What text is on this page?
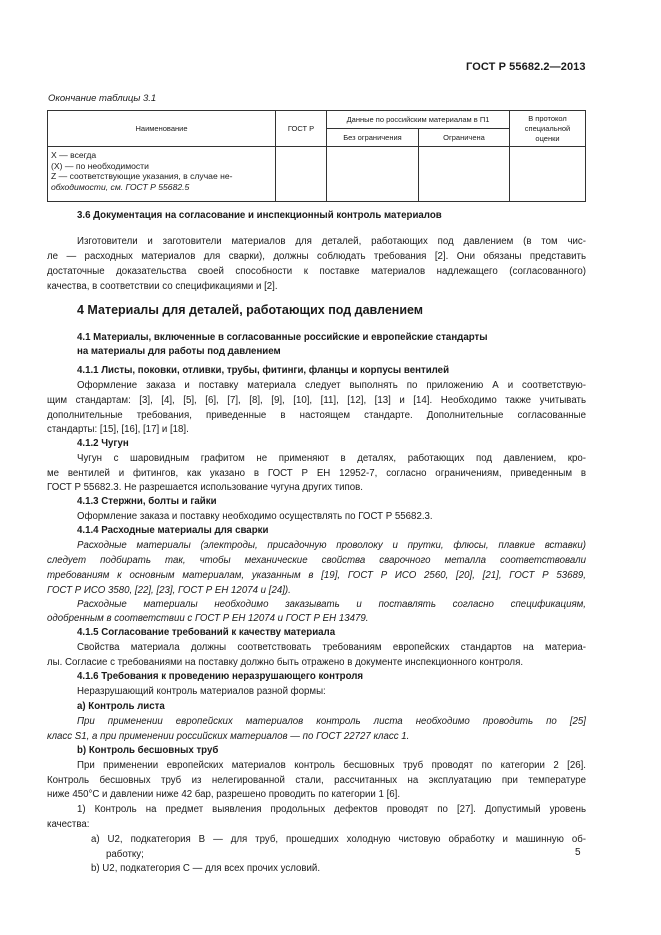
ГОСТ Р 55682.2—2013
Окончание таблицы 3.1
Наименование	ГОСТ Р	Данные по российским материалам в П1		В протокол специальной оценки
		Без ограничения	Ограничена	

X — всегда
(X) — по необходимости
Z — соответствующие указания, в случае не-
обходимости, см. ГОСТ Р 55682.5				

3.6 Документация на согласование и инспекционный контроль материалов
Изготовители и заготовители материалов для деталей, работающих под давлением (в том чис-
ле — расходных материалов для сварки), должны соблюдать требования [2]. Они обязаны представить
достаточные доказательства своей способности к поставке материалов надлежащего (согласованного)
качества, в соответствии со спецификациями и [2].
4 Материалы для деталей, работающих под давлением
4.1 Материалы, включенные в согласованные российские и европейские стандарты
на материалы для работы под давлением
4.1.1 Листы, поковки, отливки, трубы, фитинги, фланцы и корпусы вентилей
Оформление заказа и поставку материала следует выполнять по приложению А и соответствую-
щим стандартам: [3], [4], [5], [6], [7], [8], [9], [10], [11], [12], [13] и [14]. Необходимо также учитывать
дополнительные требования, приведенные в настоящем стандарте. Дополнительные согласованные
стандарты: [15], [16], [17] и [18].
4.1.2 Чугун
Чугун с шаровидным графитом не применяют в деталях, работающих под давлением, кро-
ме вентилей и фитингов, как указано в ГОСТ Р ЕН 12952-7, согласно ограничениям, приведенным в
ГОСТ Р 55682.3. Не разрешается использование чугуна других типов.
4.1.3 Стержни, болты и гайки
Оформление заказа и поставку необходимо осуществлять по ГОСТ Р 55682.3.
4.1.4 Расходные материалы для сварки
Расходные материалы (электроды, присадочную проволоку и прутки, флюсы, плавкие вставки)
следует подбирать так, чтобы механические свойства сварочного металла соответствовали
требованиям к основным материалам, указанным в [19], ГОСТ Р ИСО 2560, [20], [21], ГОСТ Р 53689,
ГОСТ Р ИСО 3580, [22], [23], ГОСТ Р ЕН 12074 и [24]).
Расходные материалы необходимо заказывать и поставлять согласно спецификациям,
одобренным в соответствии с ГОСТ Р ЕН 12074 и ГОСТ Р ЕН 13479.
4.1.5 Согласование требований к качеству материала
Свойства материала должны соответствовать требованиям европейских стандартов на материа-
лы. Согласие с требованиями на поставку должно быть отражено в документе инспекционного контроля.
4.1.6 Требования к проведению неразрушающего контроля
Неразрушающий контроль материалов разной формы:
а) Контроль листа
При применении европейских материалов контроль листа необходимо проводить по [25]
класс S1, а при применении российских материалов — по ГОСТ 22727 класс 1.
b) Контроль бесшовных труб
При применении европейских материалов контроль бесшовных труб проводят по категории 2 [26].
Контроль бесшовных труб из нелегированной стали, рассчитанных на эксплуатацию при температуре
ниже 450°С и давлении ниже 42 бар, разрешено проводить по категории 1 [6].
1) Контроль на предмет выявления продольных дефектов проводят по [27]. Допустимый уровень
качества:
а) U2, подкатегория В — для труб, прошедших холодную чистовую обработку и машинную об-
работку;
b) U2, подкатегория С — для всех прочих условий.
5
